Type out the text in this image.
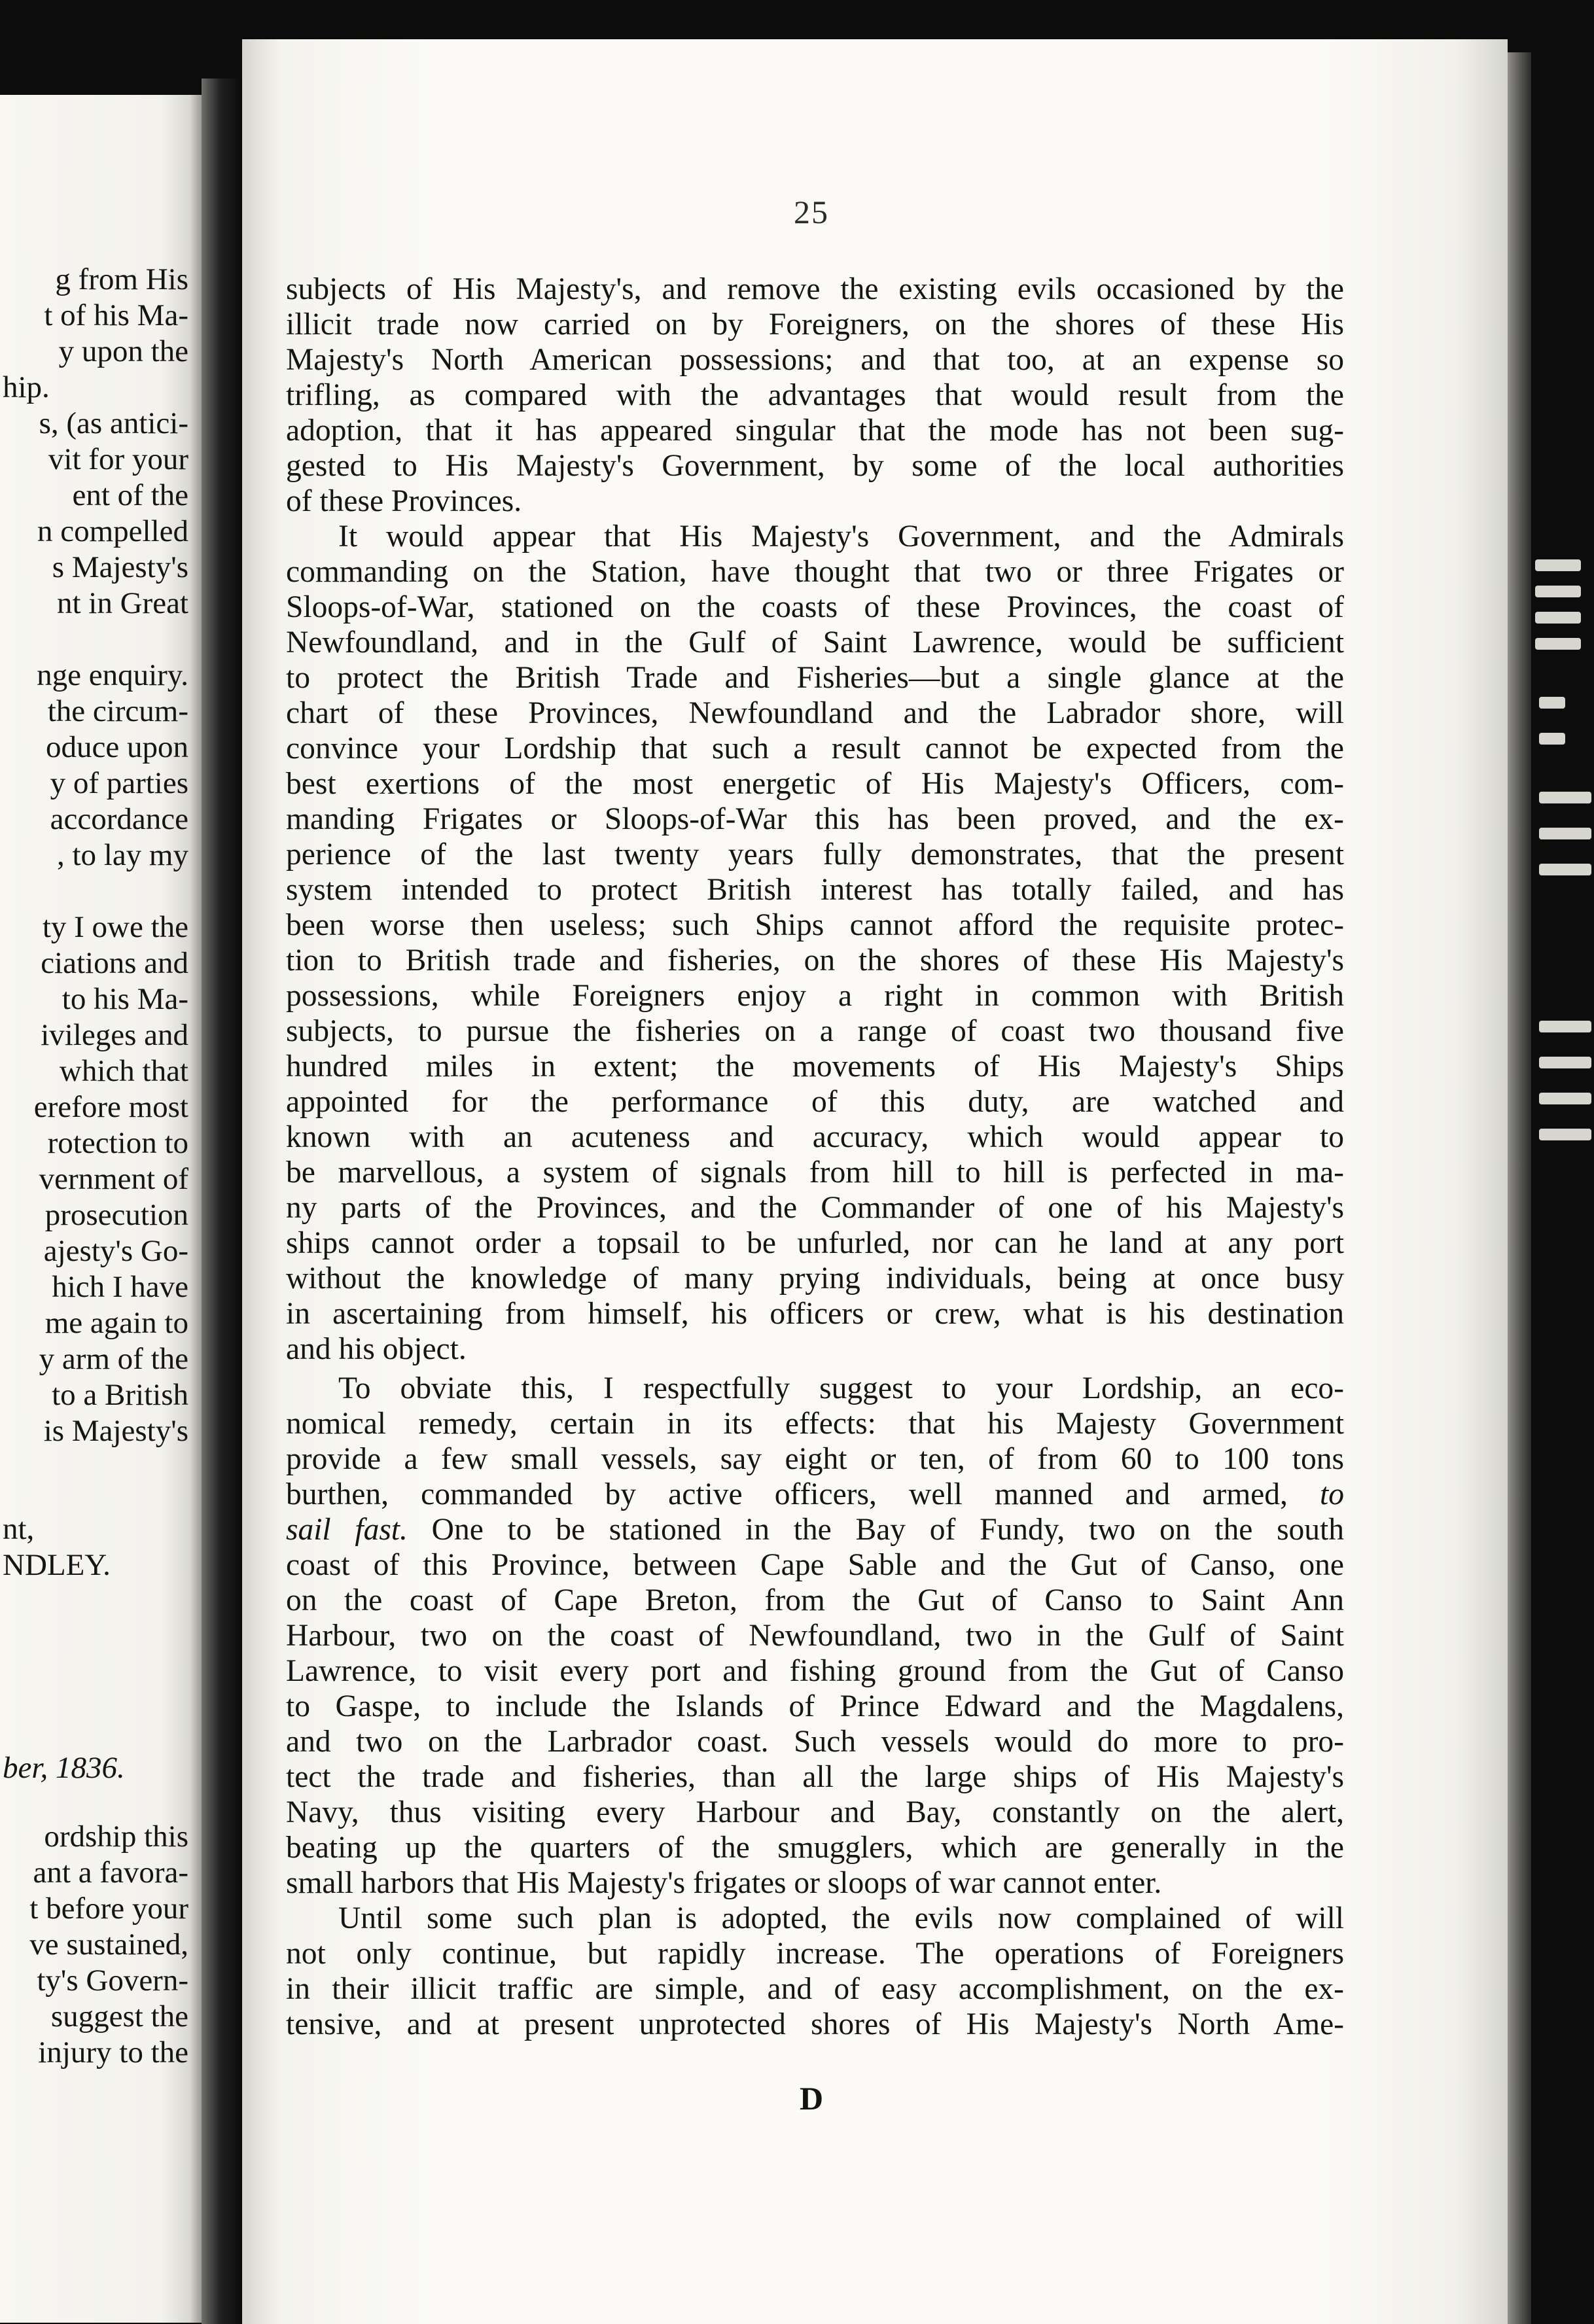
g from His
t of his Ma-
y upon the
hip.
s, (as antici-
vit for your
ent of the
n compelled
s Majesty's
nt in Great
nge enquiry.
the circum-
oduce upon
y of parties
accordance
, to lay my
ty I owe the
ciations and
to his Ma-
ivileges and
which that
erefore most
rotection to
vernment of
prosecution
ajesty's Go-
hich I have
me again to
y arm of the
to a British
is Majesty's
nt,
NDLEY.
ber, 1836.
ordship this
ant a favora-
t before your
ve sustained,
ty's Govern-
suggest the
injury to the
25
subjects of His Majesty's, and remove the existing evils occasioned by the
illicit trade now carried on by Foreigners, on the shores of these His
Majesty's North American possessions; and that too, at an expense so
trifling, as compared with the advantages that would result from the
adoption, that it has appeared singular that the mode has not been sug-
gested to His Majesty's Government, by some of the local authorities
of these Provinces.
It would appear that His Majesty's Government, and the Admirals
commanding on the Station, have thought that two or three Frigates or
Sloops-of-War, stationed on the coasts of these Provinces, the coast of
Newfoundland, and in the Gulf of Saint Lawrence, would be sufficient
to protect the British Trade and Fisheries—but a single glance at the
chart of these Provinces, Newfoundland and the Labrador shore, will
convince your Lordship that such a result cannot be expected from the
best exertions of the most energetic of His Majesty's Officers, com-
manding Frigates or Sloops-of-War this has been proved, and the ex-
perience of the last twenty years fully demonstrates, that the present
system intended to protect British interest has totally failed, and has
been worse then useless; such Ships cannot afford the requisite protec-
tion to British trade and fisheries, on the shores of these His Majesty's
possessions, while Foreigners enjoy a right in common with British
subjects, to pursue the fisheries on a range of coast two thousand five
hundred miles in extent; the movements of His Majesty's Ships
appointed for the performance of this duty, are watched and
known with an acuteness and accuracy, which would appear to
be marvellous, a system of signals from hill to hill is perfected in ma-
ny parts of the Provinces, and the Commander of one of his Majesty's
ships cannot order a topsail to be unfurled, nor can he land at any port
without the knowledge of many prying individuals, being at once busy
in ascertaining from himself, his officers or crew, what is his destination
and his object.
To obviate this, I respectfully suggest to your Lordship, an eco-
nomical remedy, certain in its effects: that his Majesty Government
provide a few small vessels, say eight or ten, of from 60 to 100 tons
burthen, commanded by active officers, well manned and armed, to
sail fast. One to be stationed in the Bay of Fundy, two on the south
coast of this Province, between Cape Sable and the Gut of Canso, one
on the coast of Cape Breton, from the Gut of Canso to Saint Ann
Harbour, two on the coast of Newfoundland, two in the Gulf of Saint
Lawrence, to visit every port and fishing ground from the Gut of Canso
to Gaspe, to include the Islands of Prince Edward and the Magdalens,
and two on the Larbrador coast. Such vessels would do more to pro-
tect the trade and fisheries, than all the large ships of His Majesty's
Navy, thus visiting every Harbour and Bay, constantly on the alert,
beating up the quarters of the smugglers, which are generally in the
small harbors that His Majesty's frigates or sloops of war cannot enter.
Until some such plan is adopted, the evils now complained of will
not only continue, but rapidly increase. The operations of Foreigners
in their illicit traffic are simple, and of easy accomplishment, on the ex-
tensive, and at present unprotected shores of His Majesty's North Ame-
D
